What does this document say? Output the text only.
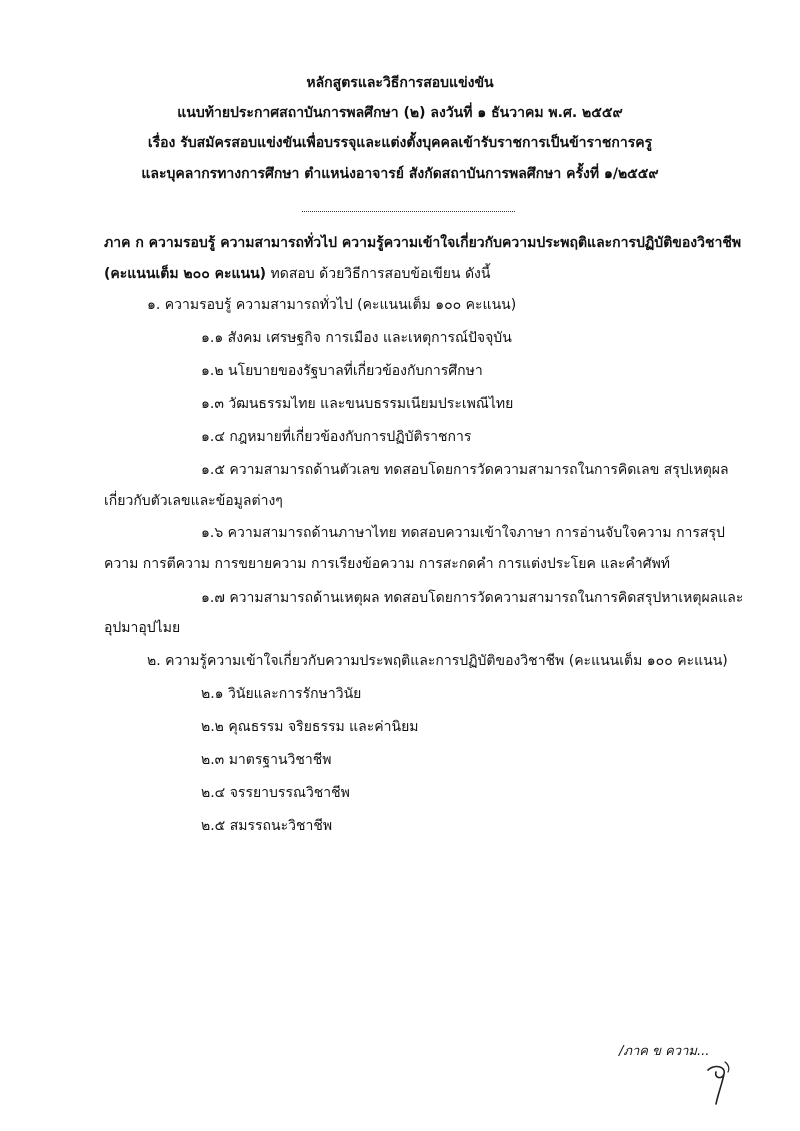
หลักสูตรและวิธีการสอบแข่งขัน
แนบท้ายประกาศสถาบันการพลศึกษา (๒) ลงวันที่ ๑ ธันวาคม พ.ศ. ๒๕๕๙
เรื่อง รับสมัครสอบแข่งขันเพื่อบรรจุและแต่งตั้งบุคคลเข้ารับราชการเป็นข้าราชการครู
และบุคลากรทางการศึกษา ตำแหน่งอาจารย์ สังกัดสถาบันการพลศึกษา ครั้งที่ ๑/๒๕๕๙
ภาค ก ความรอบรู้ ความสามารถทั่วไป ความรู้ความเข้าใจเกี่ยวกับความประพฤติและการปฏิบัติของวิชาชีพ
(คะแนนเต็ม ๒๐๐ คะแนน) ทดสอบ ด้วยวิธีการสอบข้อเขียน ดังนี้
๑. ความรอบรู้ ความสามารถทั่วไป (คะแนนเต็ม ๑๐๐ คะแนน)
๑.๑ สังคม เศรษฐกิจ การเมือง และเหตุการณ์ปัจจุบัน
๑.๒ นโยบายของรัฐบาลที่เกี่ยวข้องกับการศึกษา
๑.๓ วัฒนธรรมไทย และขนบธรรมเนียมประเพณีไทย
๑.๔ กฎหมายที่เกี่ยวข้องกับการปฏิบัติราชการ
๑.๕ ความสามารถด้านตัวเลข ทดสอบโดยการวัดความสามารถในการคิดเลข สรุปเหตุผล
เกี่ยวกับตัวเลขและข้อมูลต่างๆ
๑.๖ ความสามารถด้านภาษาไทย ทดสอบความเข้าใจภาษา การอ่านจับใจความ การสรุป
ความ การตีความ การขยายความ การเรียงข้อความ การสะกดคำ การแต่งประโยค และคำศัพท์
๑.๗ ความสามารถด้านเหตุผล ทดสอบโดยการวัดความสามารถในการคิดสรุปหาเหตุผลและ
อุปมาอุปไมย
๒. ความรู้ความเข้าใจเกี่ยวกับความประพฤติและการปฏิบัติของวิชาชีพ (คะแนนเต็ม ๑๐๐ คะแนน)
๒.๑ วินัยและการรักษาวินัย
๒.๒ คุณธรรม จริยธรรม และค่านิยม
๒.๓ มาตรฐานวิชาชีพ
๒.๔ จรรยาบรรณวิชาชีพ
๒.๕ สมรรถนะวิชาชีพ
/ภาค ข ความ...
